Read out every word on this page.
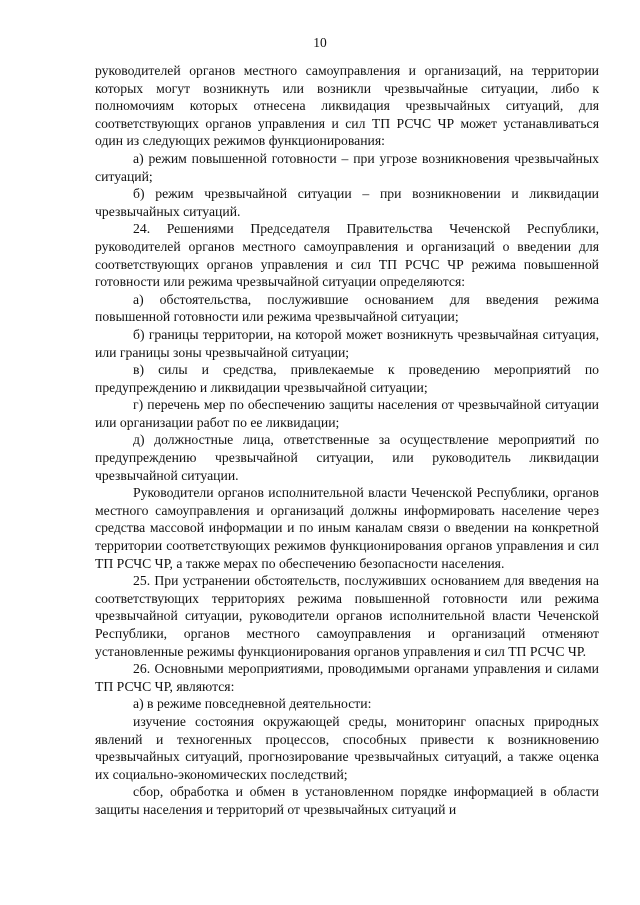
10

руководителей органов местного самоуправления и организаций, на территории которых могут возникнуть или возникли чрезвычайные ситуации, либо к полномочиям которых отнесена ликвидация чрезвычайных ситуаций, для соответствующих органов управления и сил ТП РСЧС ЧР может устанавливаться один из следующих режимов функционирования:

а) режим повышенной готовности – при угрозе возникновения чрезвычайных ситуаций;

б) режим чрезвычайной ситуации – при возникновении и ликвидации чрезвычайных ситуаций.

24. Решениями Председателя Правительства Чеченской Республики, руководителей органов местного самоуправления и организаций о введении для соответствующих органов управления и сил ТП РСЧС ЧР режима повышенной готовности или режима чрезвычайной ситуации определяются:

а) обстоятельства, послужившие основанием для введения режима повышенной готовности или режима чрезвычайной ситуации;

б) границы территории, на которой может возникнуть чрезвычайная ситуация, или границы зоны чрезвычайной ситуации;

в) силы и средства, привлекаемые к проведению мероприятий по предупреждению и ликвидации чрезвычайной ситуации;

г) перечень мер по обеспечению защиты населения от чрезвычайной ситуации или организации работ по ее ликвидации;

д) должностные лица, ответственные за осуществление мероприятий по предупреждению чрезвычайной ситуации, или руководитель ликвидации чрезвычайной ситуации.

Руководители органов исполнительной власти Чеченской Республики, органов местного самоуправления и организаций должны информировать население через средства массовой информации и по иным каналам связи о введении на конкретной территории соответствующих режимов функционирования органов управления и сил ТП РСЧС ЧР, а также мерах по обеспечению безопасности населения.

25. При устранении обстоятельств, послуживших основанием для введения на соответствующих территориях режима повышенной готовности или режима чрезвычайной ситуации, руководители органов исполнительной власти Чеченской Республики, органов местного самоуправления и организаций отменяют установленные режимы функционирования органов управления и сил ТП РСЧС ЧР.

26. Основными мероприятиями, проводимыми органами управления и силами ТП РСЧС ЧР, являются:

а) в режиме повседневной деятельности:

изучение состояния окружающей среды, мониторинг опасных природных явлений и техногенных процессов, способных привести к возникновению чрезвычайных ситуаций, прогнозирование чрезвычайных ситуаций, а также оценка их социально-экономических последствий;

сбор, обработка и обмен в установленном порядке информацией в области защиты населения и территорий от чрезвычайных ситуаций и
